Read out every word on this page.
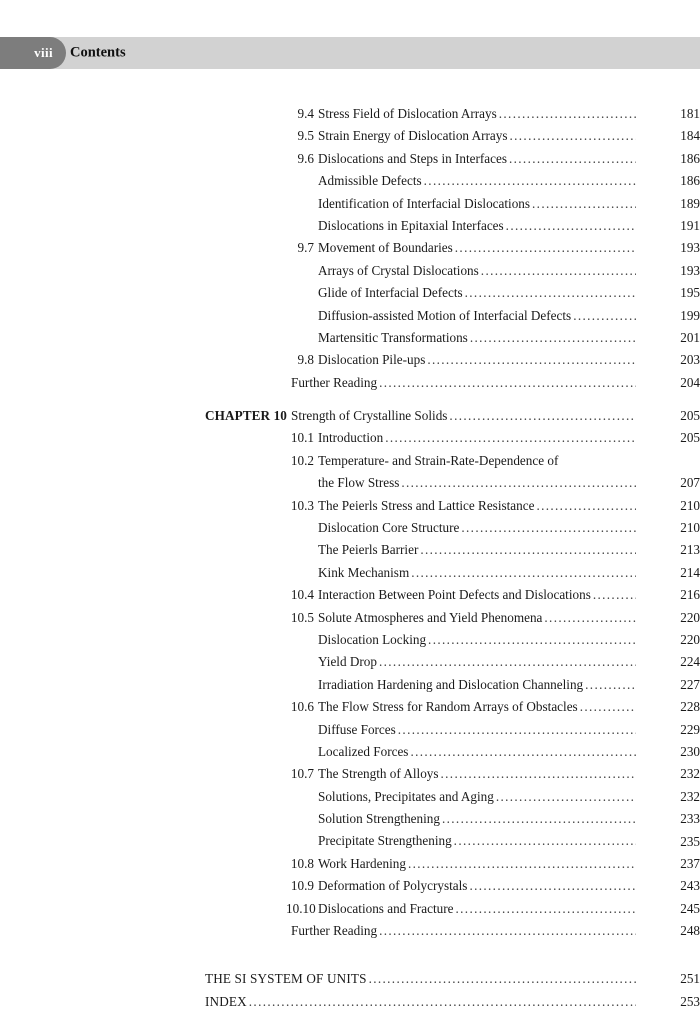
viii Contents
9.4 Stress Field of Dislocation Arrays .....	181
9.5 Strain Energy of Dislocation Arrays .....	184
9.6 Dislocations and Steps in Interfaces .....	186
Admissible Defects .....	186
Identification of Interfacial Dislocations .....	189
Dislocations in Epitaxial Interfaces .....	191
9.7 Movement of Boundaries .....	193
Arrays of Crystal Dislocations .....	193
Glide of Interfacial Defects .....	195
Diffusion-assisted Motion of Interfacial Defects .....	199
Martensitic Transformations .....	201
9.8 Dislocation Pile-ups .....	203
Further Reading .....	204
CHAPTER 10 Strength of Crystalline Solids .....	205
10.1 Introduction .....	205
10.2 Temperature- and Strain-Rate-Dependence of
the Flow Stress .....	207
10.3 The Peierls Stress and Lattice Resistance .....	210
Dislocation Core Structure .....	210
The Peierls Barrier .....	213
Kink Mechanism .....	214
10.4 Interaction Between Point Defects and Dislocations .....	216
10.5 Solute Atmospheres and Yield Phenomena .....	220
Dislocation Locking .....	220
Yield Drop .....	224
Irradiation Hardening and Dislocation Channeling .....	227
10.6 The Flow Stress for Random Arrays of Obstacles .....	228
Diffuse Forces .....	229
Localized Forces .....	230
10.7 The Strength of Alloys .....	232
Solutions, Precipitates and Aging .....	232
Solution Strengthening .....	233
Precipitate Strengthening .....	235
10.8 Work Hardening .....	237
10.9 Deformation of Polycrystals .....	243
10.10 Dislocations and Fracture .....	245
Further Reading .....	248
THE SI SYSTEM OF UNITS .....	251
INDEX .....	253
